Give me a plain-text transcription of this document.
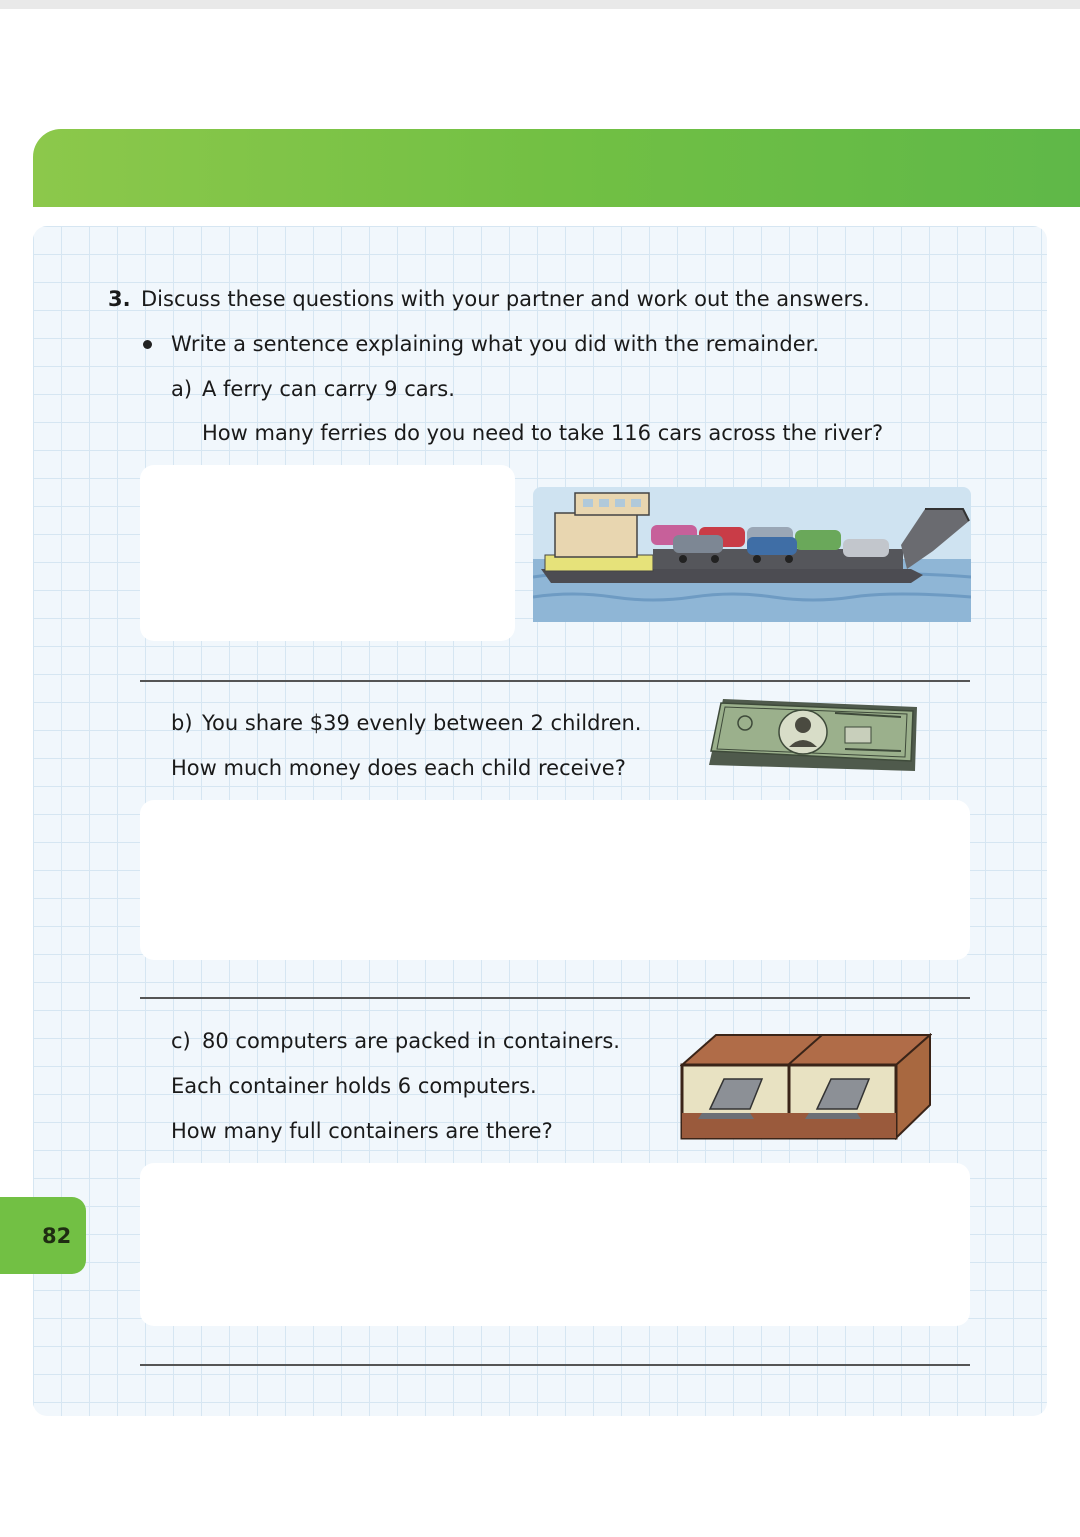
3. Discuss these questions with your partner and work out the answers.
Write a sentence explaining what you did with the remainder.
a) A ferry can carry 9 cars.
How many ferries do you need to take 116 cars across the river?
b) You share $39 evenly between 2 children.
How much money does each child receive?
c) 80 computers are packed in containers.
Each container holds 6 computers.
How many full containers are there?
82
